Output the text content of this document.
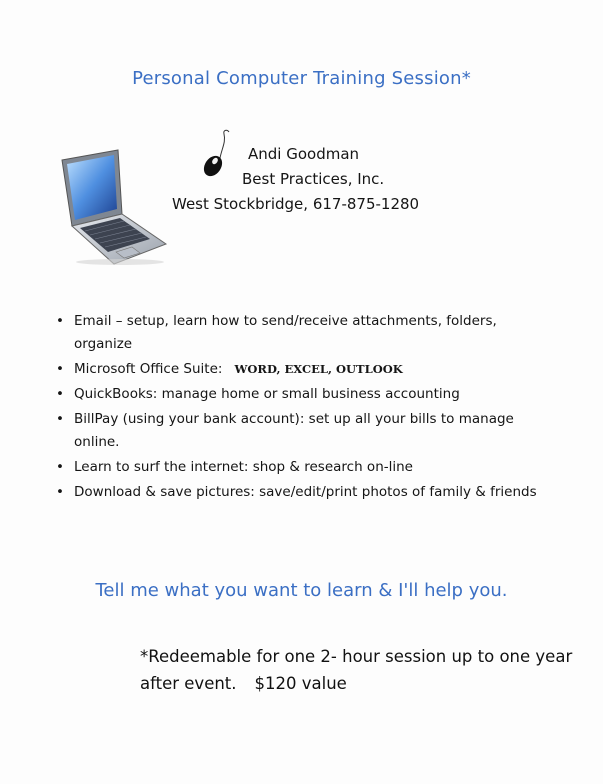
Personal Computer Training Session*
Andi Goodman
Best Practices, Inc.
West Stockbridge, 617-875-1280
• Email – setup, learn how to send/receive attachments, folders, organize
• Microsoft Office Suite: WORD, EXCEL, OUTLOOK
• QuickBooks: manage home or small business accounting
• BillPay (using your bank account): set up all your bills to manage online.
• Learn to surf the internet: shop & research on-line
• Download & save pictures: save/edit/print photos of family & friends
Tell me what you want to learn & I'll help you.
*Redeemable for one 2- hour session up to one year after event. $120 value
